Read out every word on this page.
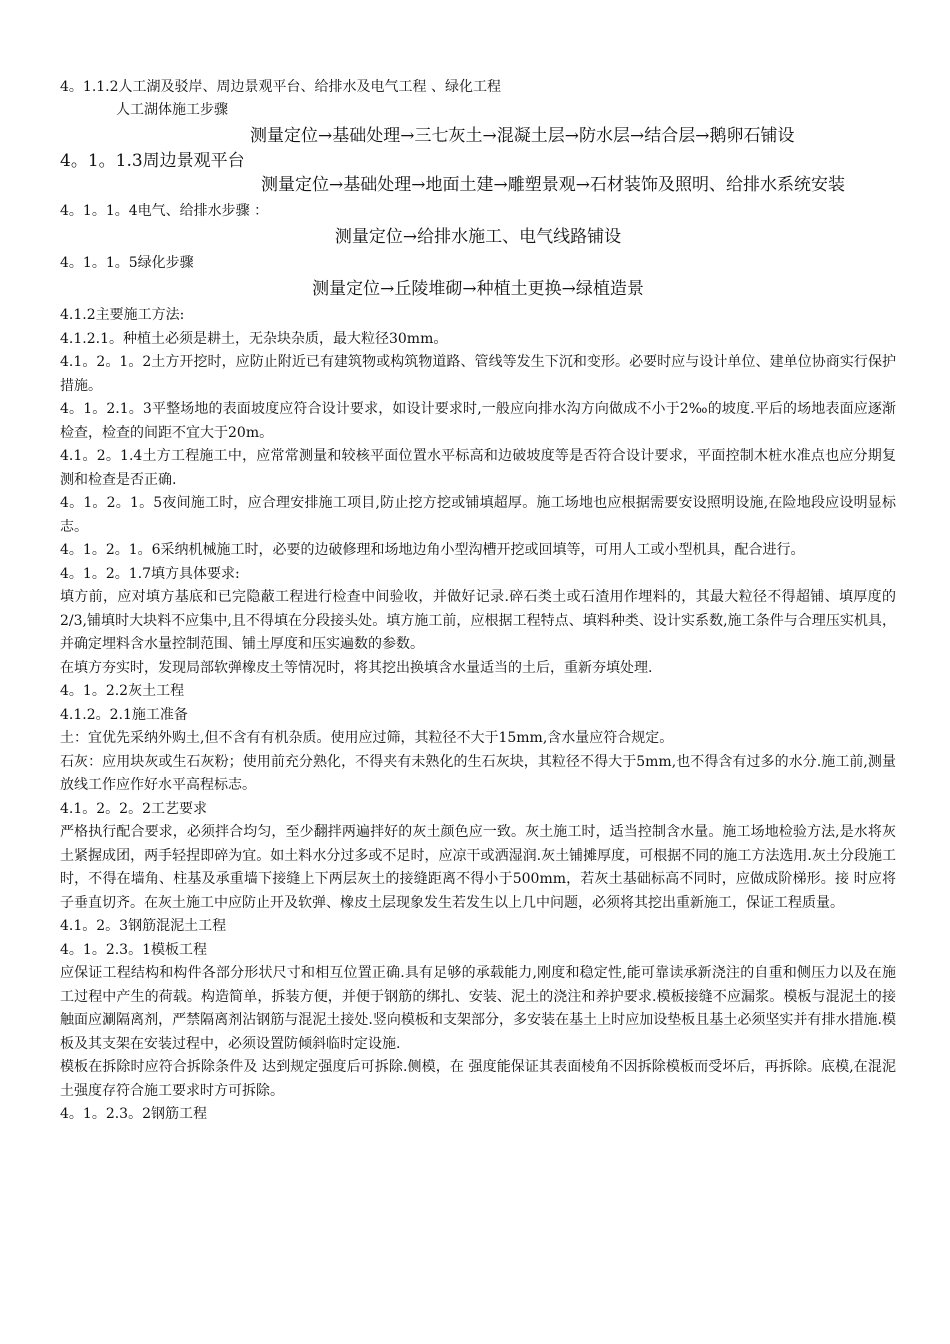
4。1.1.2人工湖及驳岸、周边景观平台、给排水及电气工程 、绿化工程
人工湖体施工步骤
测量定位→基础处理→三七灰土→混凝土层→防水层→结合层→鹅卵石铺设
4。1。1.3周边景观平台
测量定位→基础处理→地面土建→雕塑景观→石材装饰及照明、给排水系统安装
4。1。1。4电气、给排水步骤 ：
测量定位→给排水施工、电气线路铺设
4。1。1。5绿化步骤
测量定位→丘陵堆砌→种植土更换→绿植造景

4.1.2主要施工方法:

4.1.2.1。种植土必须是耕土，无杂块杂质，最大粒径30mm。

4.1。2。1。2土方开挖时，应防止附近已有建筑物或构筑物道路、管线等发生下沉和变形。必要时应与设计单位、建单位协商实行保护措施。

4。1。2.1。3平整场地的表面坡度应符合设计要求，如设计要求时,一般应向排水沟方向做成不小于2‰的坡度.平后的场地表面应逐渐检查，检查的间距不宜大于20m。

4.1。2。1.4土方工程施工中，应常常测量和较核平面位置水平标高和边破坡度等是否符合设计要求，平面控制木桩水准点也应分期复测和检查是否正确.

4。1。2。1。5夜间施工时，应合理安排施工项目,防止挖方挖或铺填超厚。施工场地也应根据需要安设照明设施,在险地段应设明显标志。

4。1。2。1。6采纳机械施工时，必要的边破修理和场地边角小型沟槽开挖或回填等，可用人工或小型机具，配合进行。

4。1。2。1.7填方具体要求:

填方前，应对填方基底和已完隐蔽工程进行检查中间验收，并做好记录.碎石类土或石渣用作埋料的，其最大粒径不得超铺、填厚度的2/3,铺填时大块料不应集中,且不得填在分段接头处。填方施工前，应根据工程特点、填料种类、设计实系数,施工条件与合理压实机具，并确定埋料含水量控制范围、铺土厚度和压实遍数的参数。

在填方夯实时，发现局部软弹橡皮土等情况时，将其挖出换填含水量适当的土后，重新夯填处理.

4。1。2.2灰土工程

4.1.2。2.1施工准备

土：宜优先采纳外购土,但不含有有机杂质。使用应过筛，其粒径不大于15mm,含水量应符合规定。

石灰：应用块灰或生石灰粉；使用前充分熟化，不得夹有未熟化的生石灰块，其粒径不得大于5mm,也不得含有过多的水分.施工前,测量放线工作应作好水平高程标志。

4.1。2。2。2工艺要求

严格执行配合要求，必须拌合均匀，至少翻拌两遍拌好的灰土颜色应一致。灰土施工时，适当控制含水量。施工场地检验方法,是水将灰土紧握成团，两手轻捏即碎为宜。如土料水分过多或不足时，应凉干或洒湿润.灰土铺摊厚度，可根据不同的施工方法选用.灰土分段施工时，不得在墙角、柱基及承重墙下接缝上下两层灰土的接缝距离不得小于500mm，若灰土基础标高不同时，应做成阶梯形。接 时应将 子垂直切齐。在灰土施工中应防止开及软弹、橡皮土层现象发生若发生以上几中问题，必须将其挖出重新施工，保证工程质量。

4.1。2。3钢筋混泥土工程

4。1。2.3。1模板工程

应保证工程结构和构件各部分形状尺寸和相互位置正确.具有足够的承载能力,刚度和稳定性,能可靠读承新浇注的自重和侧压力以及在施工过程中产生的荷载。构造简单，拆装方便，并便于钢筋的绑扎、安装、泥土的浇注和养护要求.模板接缝不应漏浆。模板与混泥土的接触面应涮隔离剂，严禁隔离剂沾钢筋与混泥土接处.竖向模板和支架部分，多安装在基土上时应加设垫板且基土必须坚实并有排水措施.模板及其支架在安装过程中，必须设置防倾斜临时定设施.

模板在拆除时应符合拆除条件及 达到规定强度后可拆除.侧模，在 强度能保证其表面棱角不因拆除模板而受坏后，再拆除。底模,在混泥土强度存符合施工要求时方可拆除。

4。1。2.3。2钢筋工程
